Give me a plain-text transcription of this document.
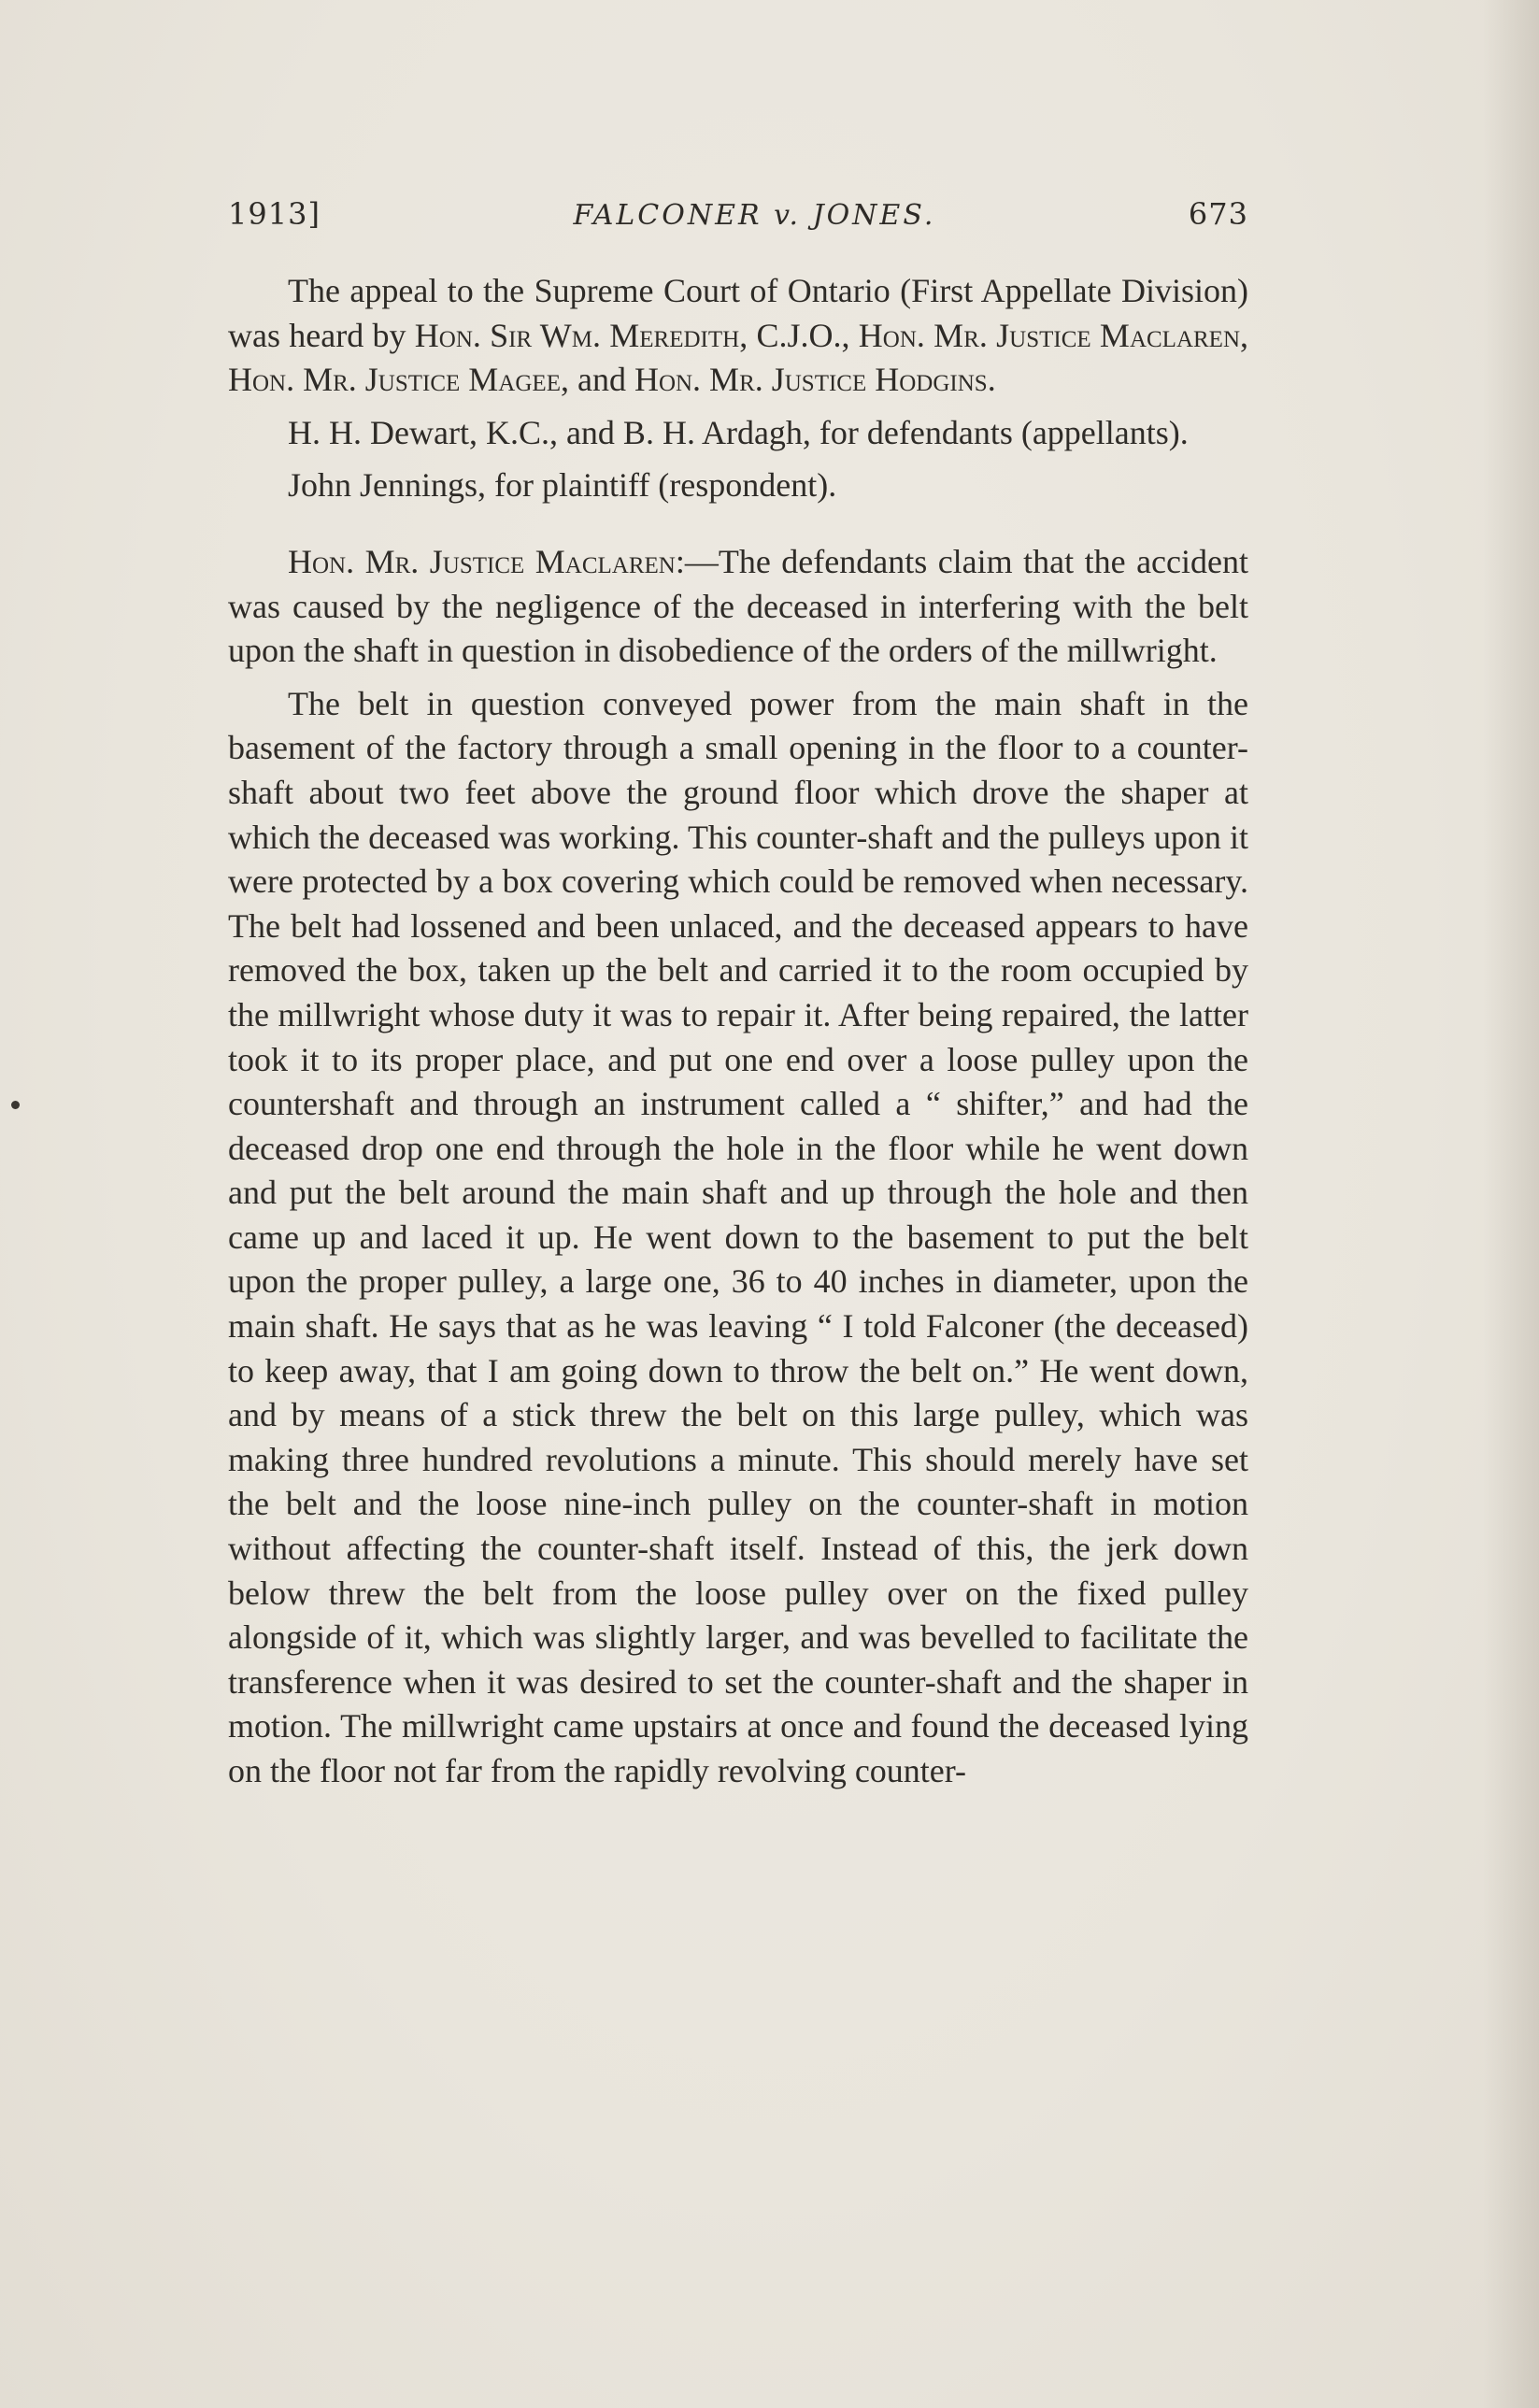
1913]	FALCONER v. JONES.	673

The appeal to the Supreme Court of Ontario (First Appellate Division) was heard by Hon. Sir Wm. Meredith, C.J.O., Hon. Mr. Justice Maclaren, Hon. Mr. Justice Magee, and Hon. Mr. Justice Hodgins.

H. H. Dewart, K.C., and B. H. Ardagh, for defendants (appellants).

John Jennings, for plaintiff (respondent).

Hon. Mr. Justice Maclaren:—The defendants claim that the accident was caused by the negligence of the deceased in interfering with the belt upon the shaft in question in disobedience of the orders of the millwright.

The belt in question conveyed power from the main shaft in the basement of the factory through a small opening in the floor to a counter-shaft about two feet above the ground floor which drove the shaper at which the deceased was working. This counter-shaft and the pulleys upon it were protected by a box covering which could be removed when necessary. The belt had lossened and been unlaced, and the deceased appears to have removed the box, taken up the belt and carried it to the room occupied by the millwright whose duty it was to repair it. After being repaired, the latter took it to its proper place, and put one end over a loose pulley upon the countershaft and through an instrument called a “ shifter,” and had the deceased drop one end through the hole in the floor while he went down and put the belt around the main shaft and up through the hole and then came up and laced it up. He went down to the basement to put the belt upon the proper pulley, a large one, 36 to 40 inches in diameter, upon the main shaft. He says that as he was leaving “ I told Falconer (the deceased) to keep away, that I am going down to throw the belt on.” He went down, and by means of a stick threw the belt on this large pulley, which was making three hundred revolutions a minute. This should merely have set the belt and the loose nine-inch pulley on the counter-shaft in motion without affecting the counter-shaft itself. Instead of this, the jerk down below threw the belt from the loose pulley over on the fixed pulley alongside of it, which was slightly larger, and was bevelled to facilitate the transference when it was desired to set the counter-shaft and the shaper in motion. The millwright came upstairs at once and found the deceased lying on the floor not far from the rapidly revolving counter-
